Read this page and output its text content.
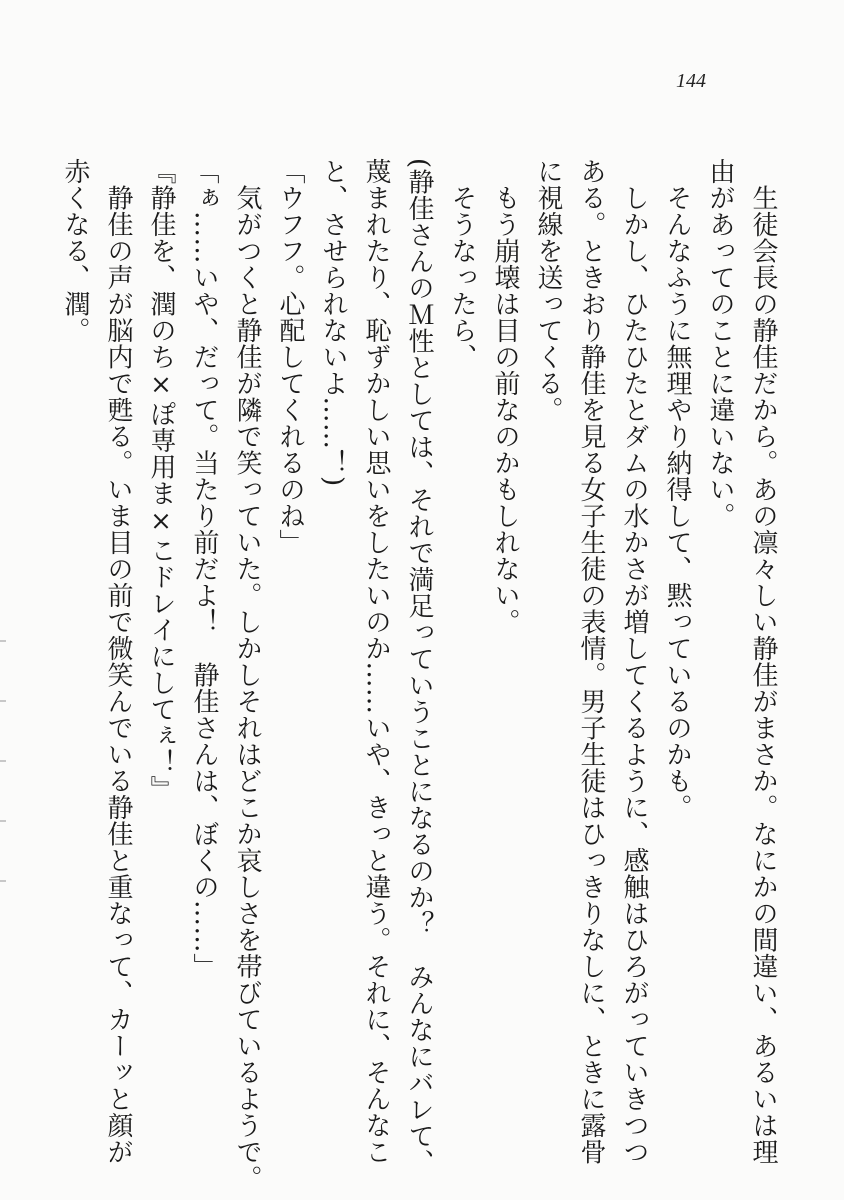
144

　生徒会長の静佳だから。あの凛々しい静佳がまさか。なにかの間違い、あるいは理

由があってのことに違いない。

　そんなふうに無理やり納得して、黙っているのかも。

　しかし、ひたひたとダムの水かさが増してくるように、感触はひろがっていきつつ

ある。ときおり静佳を見る女子生徒の表情。男子生徒はひっきりなしに、ときに露骨

に視線を送ってくる。

　もう崩壊は目の前なのかもしれない。

　そうなったら、

(静佳さんのＭ性としては、それで満足っていうことになるのか？　みんなにバレて、

蔑まれたり、恥ずかしい思いをしたいのか……いや、きっと違う。それに、そんなこ

と、させられないよ……！)

「ウフフ。心配してくれるのね」

　気がつくと静佳が隣で笑っていた。しかしそれはどこか哀しさを帯びているようで。

「ぁ……いや、だって。当たり前だよ！　静佳さんは、ぼくの……」

『静佳を、潤のち×ぽ専用ま×こドレイにしてぇ！』

　静佳の声が脳内で甦る。いま目の前で微笑んでいる静佳と重なって、カーッと顔が

赤くなる、潤。
